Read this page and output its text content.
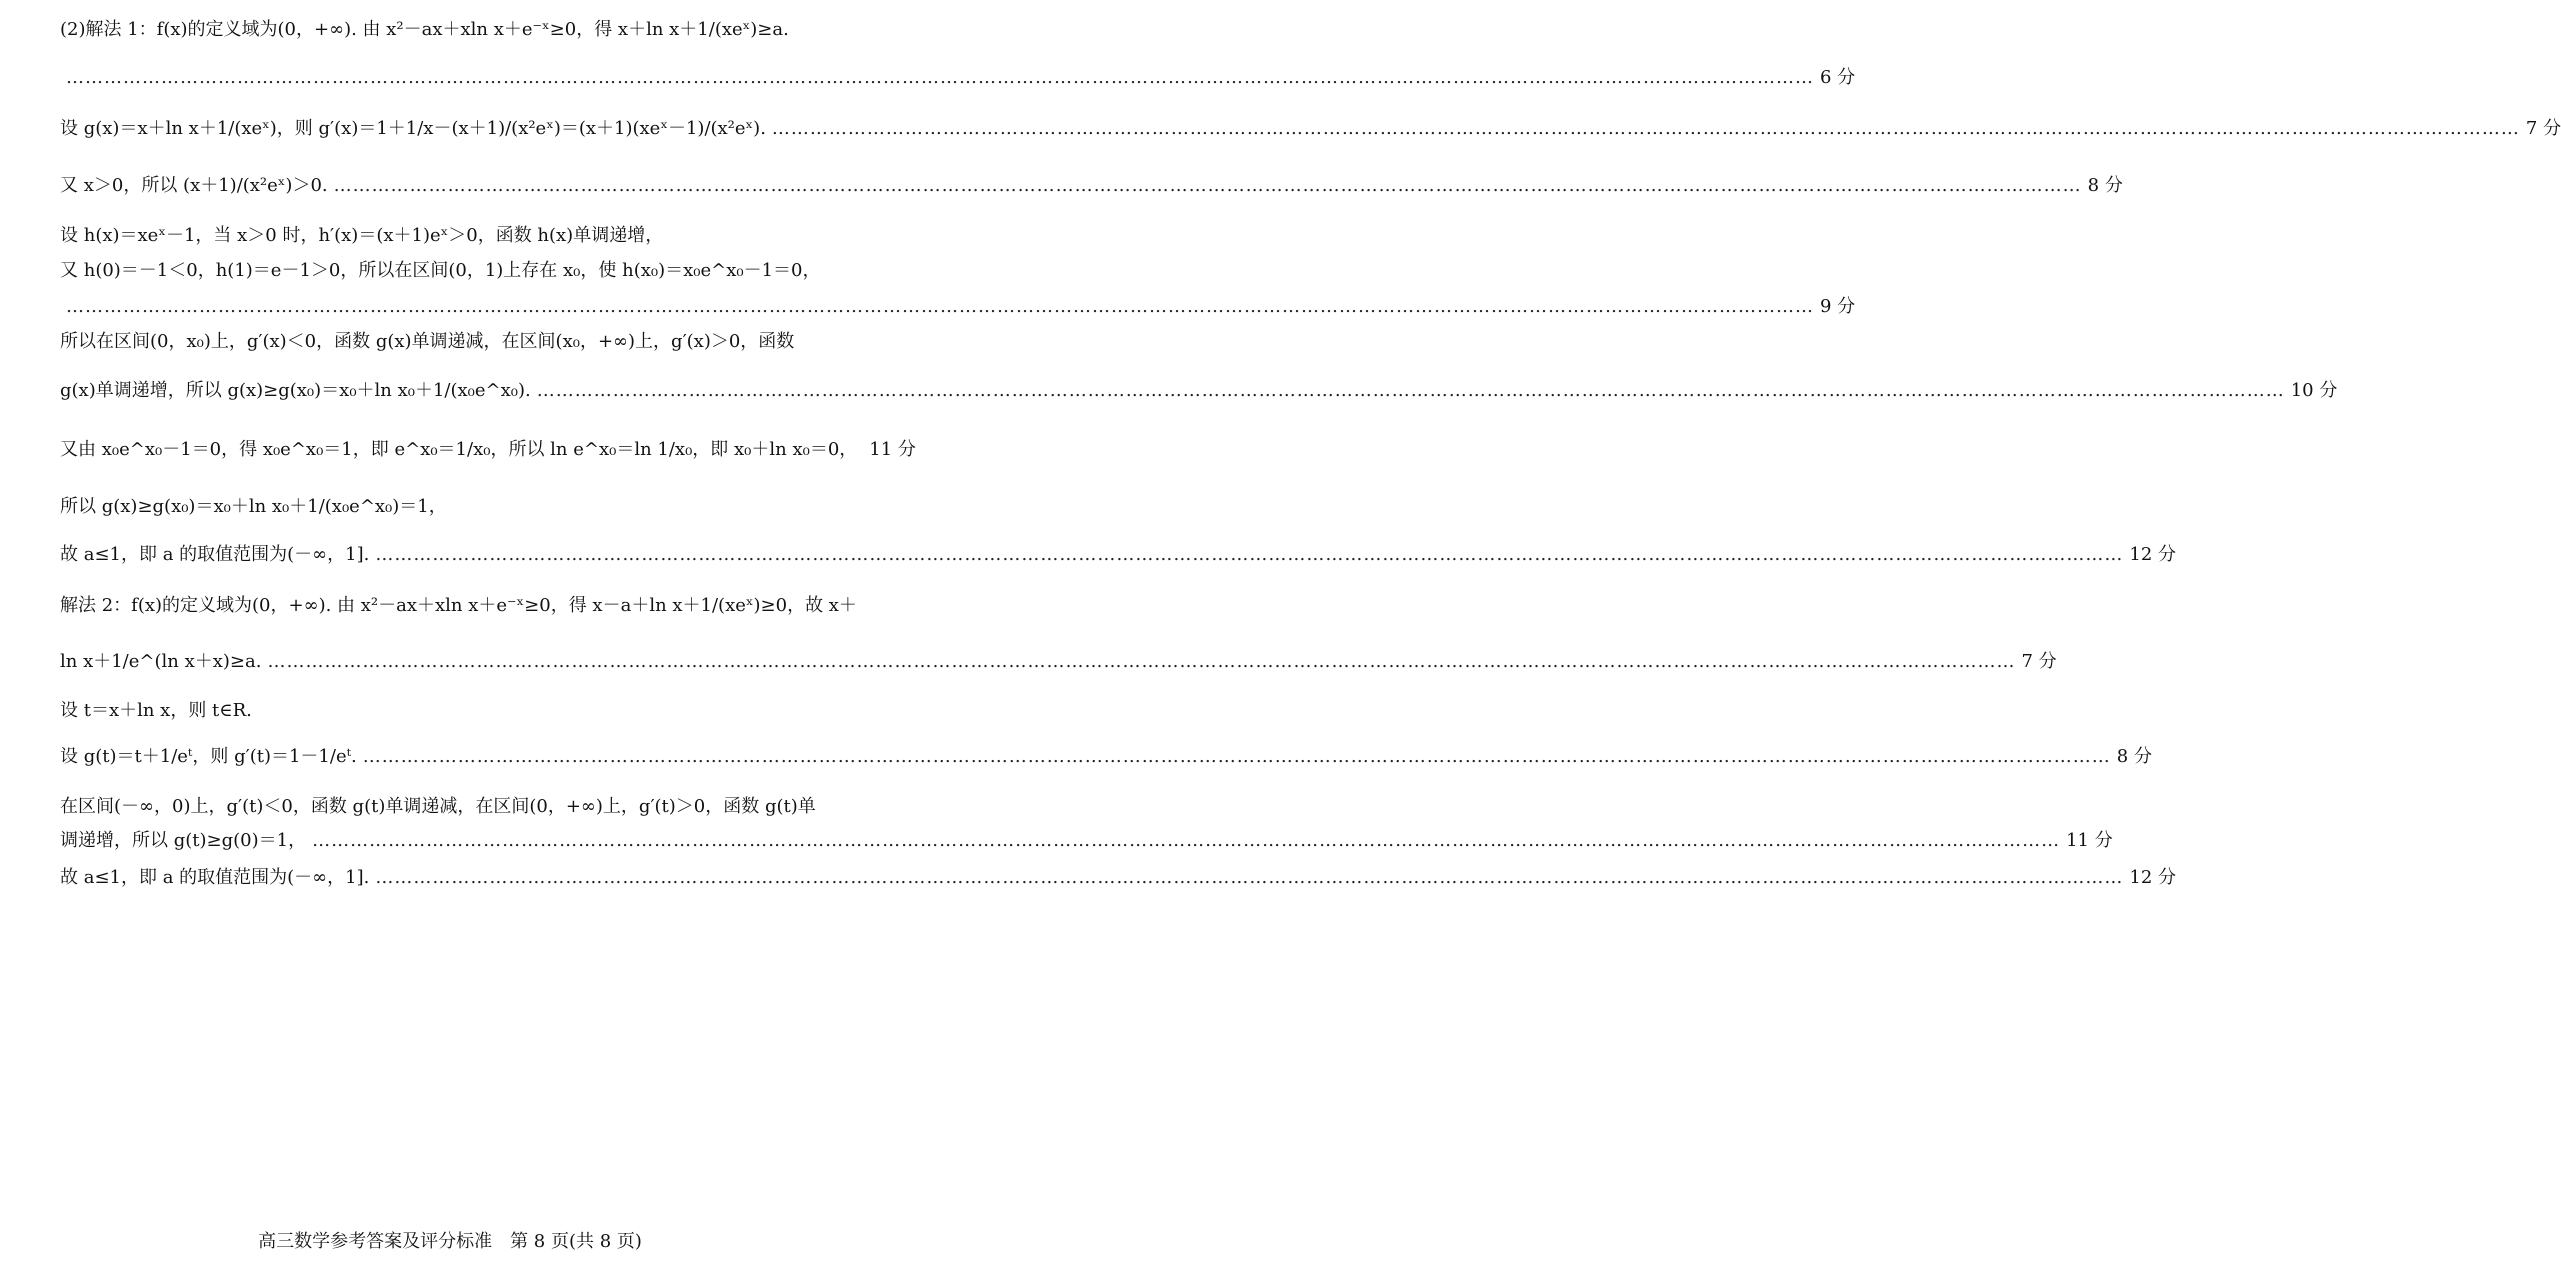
(2)解法 1：f(x)的定义域为(0，+∞). 由 x²－ax＋xln x＋e⁻ˣ≥0，得 x＋ln x＋1/(xeˣ)≥a.
……………………………………………………………………………………………………………………………………………………………………………………………………………………………………………………
6 分
设 g(x)＝x＋ln x＋1/(xeˣ)，则 g′(x)＝1＋1/x－(x＋1)/(x²eˣ)＝(x＋1)(xeˣ－1)/(x²eˣ). ……………………………………………………………………………………………………………………………………………………………………………………………………………………………………………………	7 分
又 x＞0，所以 (x＋1)/(x²eˣ)＞0. ……………………………………………………………………………………………………………………………………………………………………………………………………………………………………………………	8 分
设 h(x)＝xeˣ－1，当 x＞0 时，h′(x)＝(x＋1)eˣ＞0，函数 h(x)单调递增，
又 h(0)＝－1＜0，h(1)＝e－1＞0，所以在区间(0，1)上存在 x₀，使 h(x₀)＝x₀e^x₀－1＝0，
……………………………………………………………………………………………………………………………………………………………………………………………………………………………………………………
9 分
所以在区间(0，x₀)上，g′(x)＜0，函数 g(x)单调递减，在区间(x₀，+∞)上，g′(x)＞0，函数
g(x)单调递增，所以 g(x)≥g(x₀)＝x₀＋ln x₀＋1/(x₀e^x₀). ……………………………………………………………………………………………………………………………………………………………………………………………………………………………………………………	10 分
又由 x₀e^x₀－1＝0，得 x₀e^x₀＝1，即 e^x₀＝1/x₀，所以 ln e^x₀＝ln 1/x₀，即 x₀＋ln x₀＝0， 11 分
所以 g(x)≥g(x₀)＝x₀＋ln x₀＋1/(x₀e^x₀)＝1，
故 a≤1，即 a 的取值范围为(－∞，1]. ……………………………………………………………………………………………………………………………………………………………………………………………………………………………………………………	12 分
解法 2：f(x)的定义域为(0，+∞). 由 x²－ax＋xln x＋e⁻ˣ≥0，得 x－a＋ln x＋1/(xeˣ)≥0，故 x＋
ln x＋1/e^(ln x＋x)≥a. ……………………………………………………………………………………………………………………………………………………………………………………………………………………………………………………	7 分
设 t＝x＋ln x，则 t∈R.
设 g(t)＝t＋1/eᵗ，则 g′(t)＝1－1/eᵗ. ……………………………………………………………………………………………………………………………………………………………………………………………………………………………………………………	8 分
在区间(－∞，0)上，g′(t)＜0，函数 g(t)单调递减，在区间(0，+∞)上，g′(t)＞0，函数 g(t)单
调递增，所以 g(t)≥g(0)＝1， ……………………………………………………………………………………………………………………………………………………………………………………………………………………………………………………	11 分
故 a≤1，即 a 的取值范围为(－∞，1]. ……………………………………………………………………………………………………………………………………………………………………………………………………………………………………………………	12 分
高三数学参考答案及评分标准　第 8 页(共 8 页)
